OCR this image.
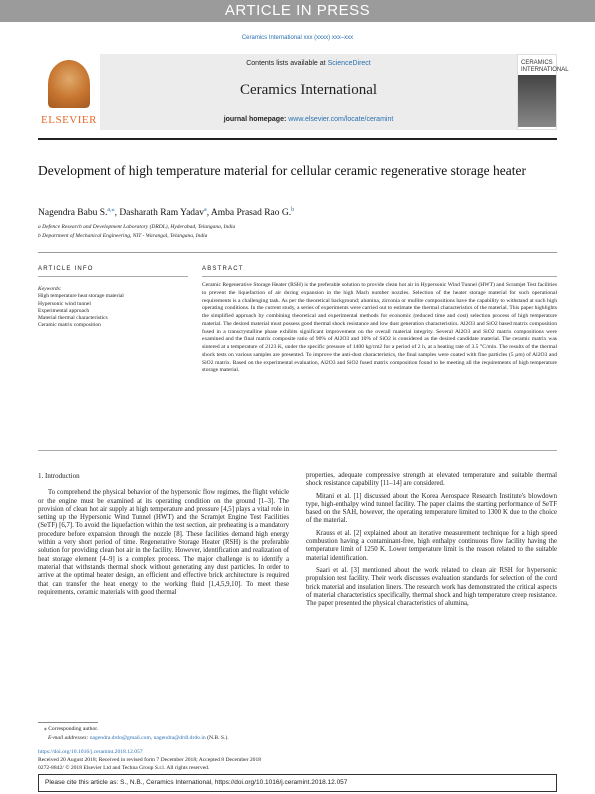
ARTICLE IN PRESS
Ceramics International xxx (xxxx) xxx–xxx
ELSEVIER
Contents lists available at ScienceDirect
Ceramics International
journal homepage: www.elsevier.com/locate/ceramint
CERAMICS INTERNATIONAL
Development of high temperature material for cellular ceramic regenerative storage heater
Nagendra Babu S.$^{a,⁎}$, Dasharath Ram Yadav$^a$, Amba Prasad Rao G.$^b$
a Defence Research and Development Laboratory (DRDL), Hyderabad, Telangana, India
b Department of Mechanical Engineering, NIT - Warangal, Telangana, India
ARTICLE INFO	ABSTRACT
Keywords:
High temperature heat storage material
Hypersonic wind tunnel
Experimental approach
Material thermal characteristics
Ceramic matrix composition
Ceramic Regenerative Storage Heater (RSH) is the preferable solution to provide clean hot air in Hypersonic Wind Tunnel (HWT) and Scramjet Test facilities to prevent the liquefaction of air during expansion in the high Mach number nozzles. Selection of the heater storage material for such operational requirements is a challenging task. As per the theoretical background; alumina, zirconia or mullite compositions have the capability to withstand at such high operating conditions. In the current study, a series of experiments were carried out to estimate the thermal characteristics of the material. This paper highlights the simplified approach by combining theoretical and experimental methods for economic (reduced time and cost) selection process of high temperature material. The desired material must possess good thermal shock resistance and low dust generation characteristics. Al2O3 and SiO2 based matrix composition fused in a transcrystalline phase exhibits significant improvement on the overall material integrity. Several Al2O3 and SiO2 matrix compositions were examined and the final matrix composite ratio of 90% of Al2O3 and 10% of SiO2 is considered as the desired candidate material. The ceramic matrix was sintered at a temperature of 2123 K, under the specific pressure of 1400 kg/cm2 for a period of 2 h, at a heating rate of 3.5 °C/min. The results of the thermal shock tests on various samples are presented. To improve the anti-dust characteristics, the final samples were coated with fine particles (5 µm) of Al2O3 and SiO2 matrix. Based on the experimental evaluation, Al2O3 and SiO2 fused matrix composition found to be meeting all the requirements of high temperature storage material.
1. Introduction

To comprehend the physical behavior of the hypersonic flow regimes, the flight vehicle or the engine must be examined at its operating condition on the ground [1–3]. The provision of clean hot air supply at high temperature and pressure [4,5] plays a vital role in setting up the Hypersonic Wind Tunnel (HWT) and the Scramjet Engine Test Facilities (SeTF) [6,7]. To avoid the liquefaction within the test section, air preheating is a mandatory procedure before expansion through the nozzle [8]. These facilities demand high energy within a very short period of time. Regenerative Storage Heater (RSH) is the preferable solution for providing clean hot air in the facility. However, identification and realization of heat storage element [4–9] is a complex process. The major challenge is to identify a material that withstands thermal shock without generating any dust particles. In order to arrive at the optimal heater design, an efficient and effective brick architecture is required that can transfer the heat energy to the working fluid [1,4,5,9,10]. To meet these requirements, ceramic materials with good thermal

properties, adequate compressive strength at elevated temperature and suitable thermal shock resistance capability [11–14] are considered.

Mitani et al. [1] discussed about the Korea Aerospace Research Institute's blowdown type, high-enthalpy wind tunnel facility. The paper claims the starting performance of SeTF based on the SAH, however, the operating temperature limited to 1300 K due to the choice of the material.

Krauss et al. [2] explained about an iterative measurement technique for a high speed combustion having a contaminant-free, high enthalpy continuous flow facility having the temperature limit of 1250 K. Lower temperature limit is the reason related to the suitable material identification.

Saari et al. [3] mentioned about the work related to clean air RSH for hypersonic propulsion test facility. Their work discusses evaluation standards for selection of the cord brick material and insulation liners. The research work has demonstrated the critical aspects of material characteristics specifically, thermal shock and high temperature creep resistance. The paper presented the physical characteristics of alumina,

⁎ Corresponding author.
E-mail addresses: nagendra.drdo@gmail.com, nagendra@drdl.drdo.in (N.B. S.).
https://doi.org/10.1016/j.ceramint.2018.12.057
Received 20 August 2018; Received in revised form 7 December 2018; Accepted 8 December 2018
0272-8842/ © 2018 Elsevier Ltd and Techna Group S.r.l. All rights reserved.
Please cite this article as: S., N.B., Ceramics International, https://doi.org/10.1016/j.ceramint.2018.12.057
